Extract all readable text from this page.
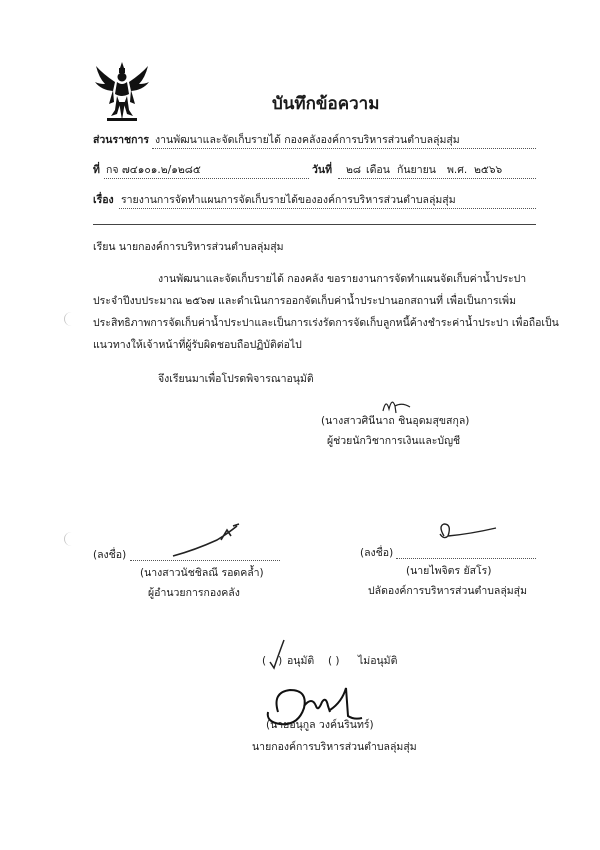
บันทึกข้อความ
ส่วนราชการ งานพัฒนาและจัดเก็บรายได้ กองคลังองค์การบริหารส่วนตำบลลุ่มสุ่ม
ที่ กจ ๗๔๑๐๑.๒/๑๒๘๕	วันที่ ๒๘ เดือน กันยายน พ.ศ. ๒๕๖๖
เรื่อง รายงานการจัดทำแผนการจัดเก็บรายได้ขององค์การบริหารส่วนตำบลลุ่มสุ่ม
เรียน นายกองค์การบริหารส่วนตำบลลุ่มสุ่ม
งานพัฒนาและจัดเก็บรายได้ กองคลัง ขอรายงานการจัดทำแผนจัดเก็บค่าน้ำประปา
ประจำปีงบประมาณ ๒๕๖๗ และดำเนินการออกจัดเก็บค่าน้ำประปานอกสถานที่ เพื่อเป็นการเพิ่ม
ประสิทธิภาพการจัดเก็บค่าน้ำประปาและเป็นการเร่งรัดการจัดเก็บลูกหนี้ค้างชำระค่าน้ำประปา เพื่อถือเป็น
แนวทางให้เจ้าหน้าที่ผู้รับผิดชอบถือปฏิบัติต่อไป
จึงเรียนมาเพื่อโปรดพิจารณาอนุมัติ
(นางสาวศินีนาถ ชินอุดมสุขสกุล)
ผู้ช่วยนักวิชาการเงินและบัญชี
(ลงชื่อ)
(นางสาวนัชชิลณี รอดคล้ำ)
ผู้อำนวยการกองคลัง
(ลงชื่อ)
(นายไพจิตร ยัสโร)
ปลัดองค์การบริหารส่วนตำบลลุ่มสุ่ม
( ) อนุมัติ ( ) ไม่อนุมัติ
(นายอนุกูล วงค์นรินทร์)
นายกองค์การบริหารส่วนตำบลลุ่มสุ่ม
